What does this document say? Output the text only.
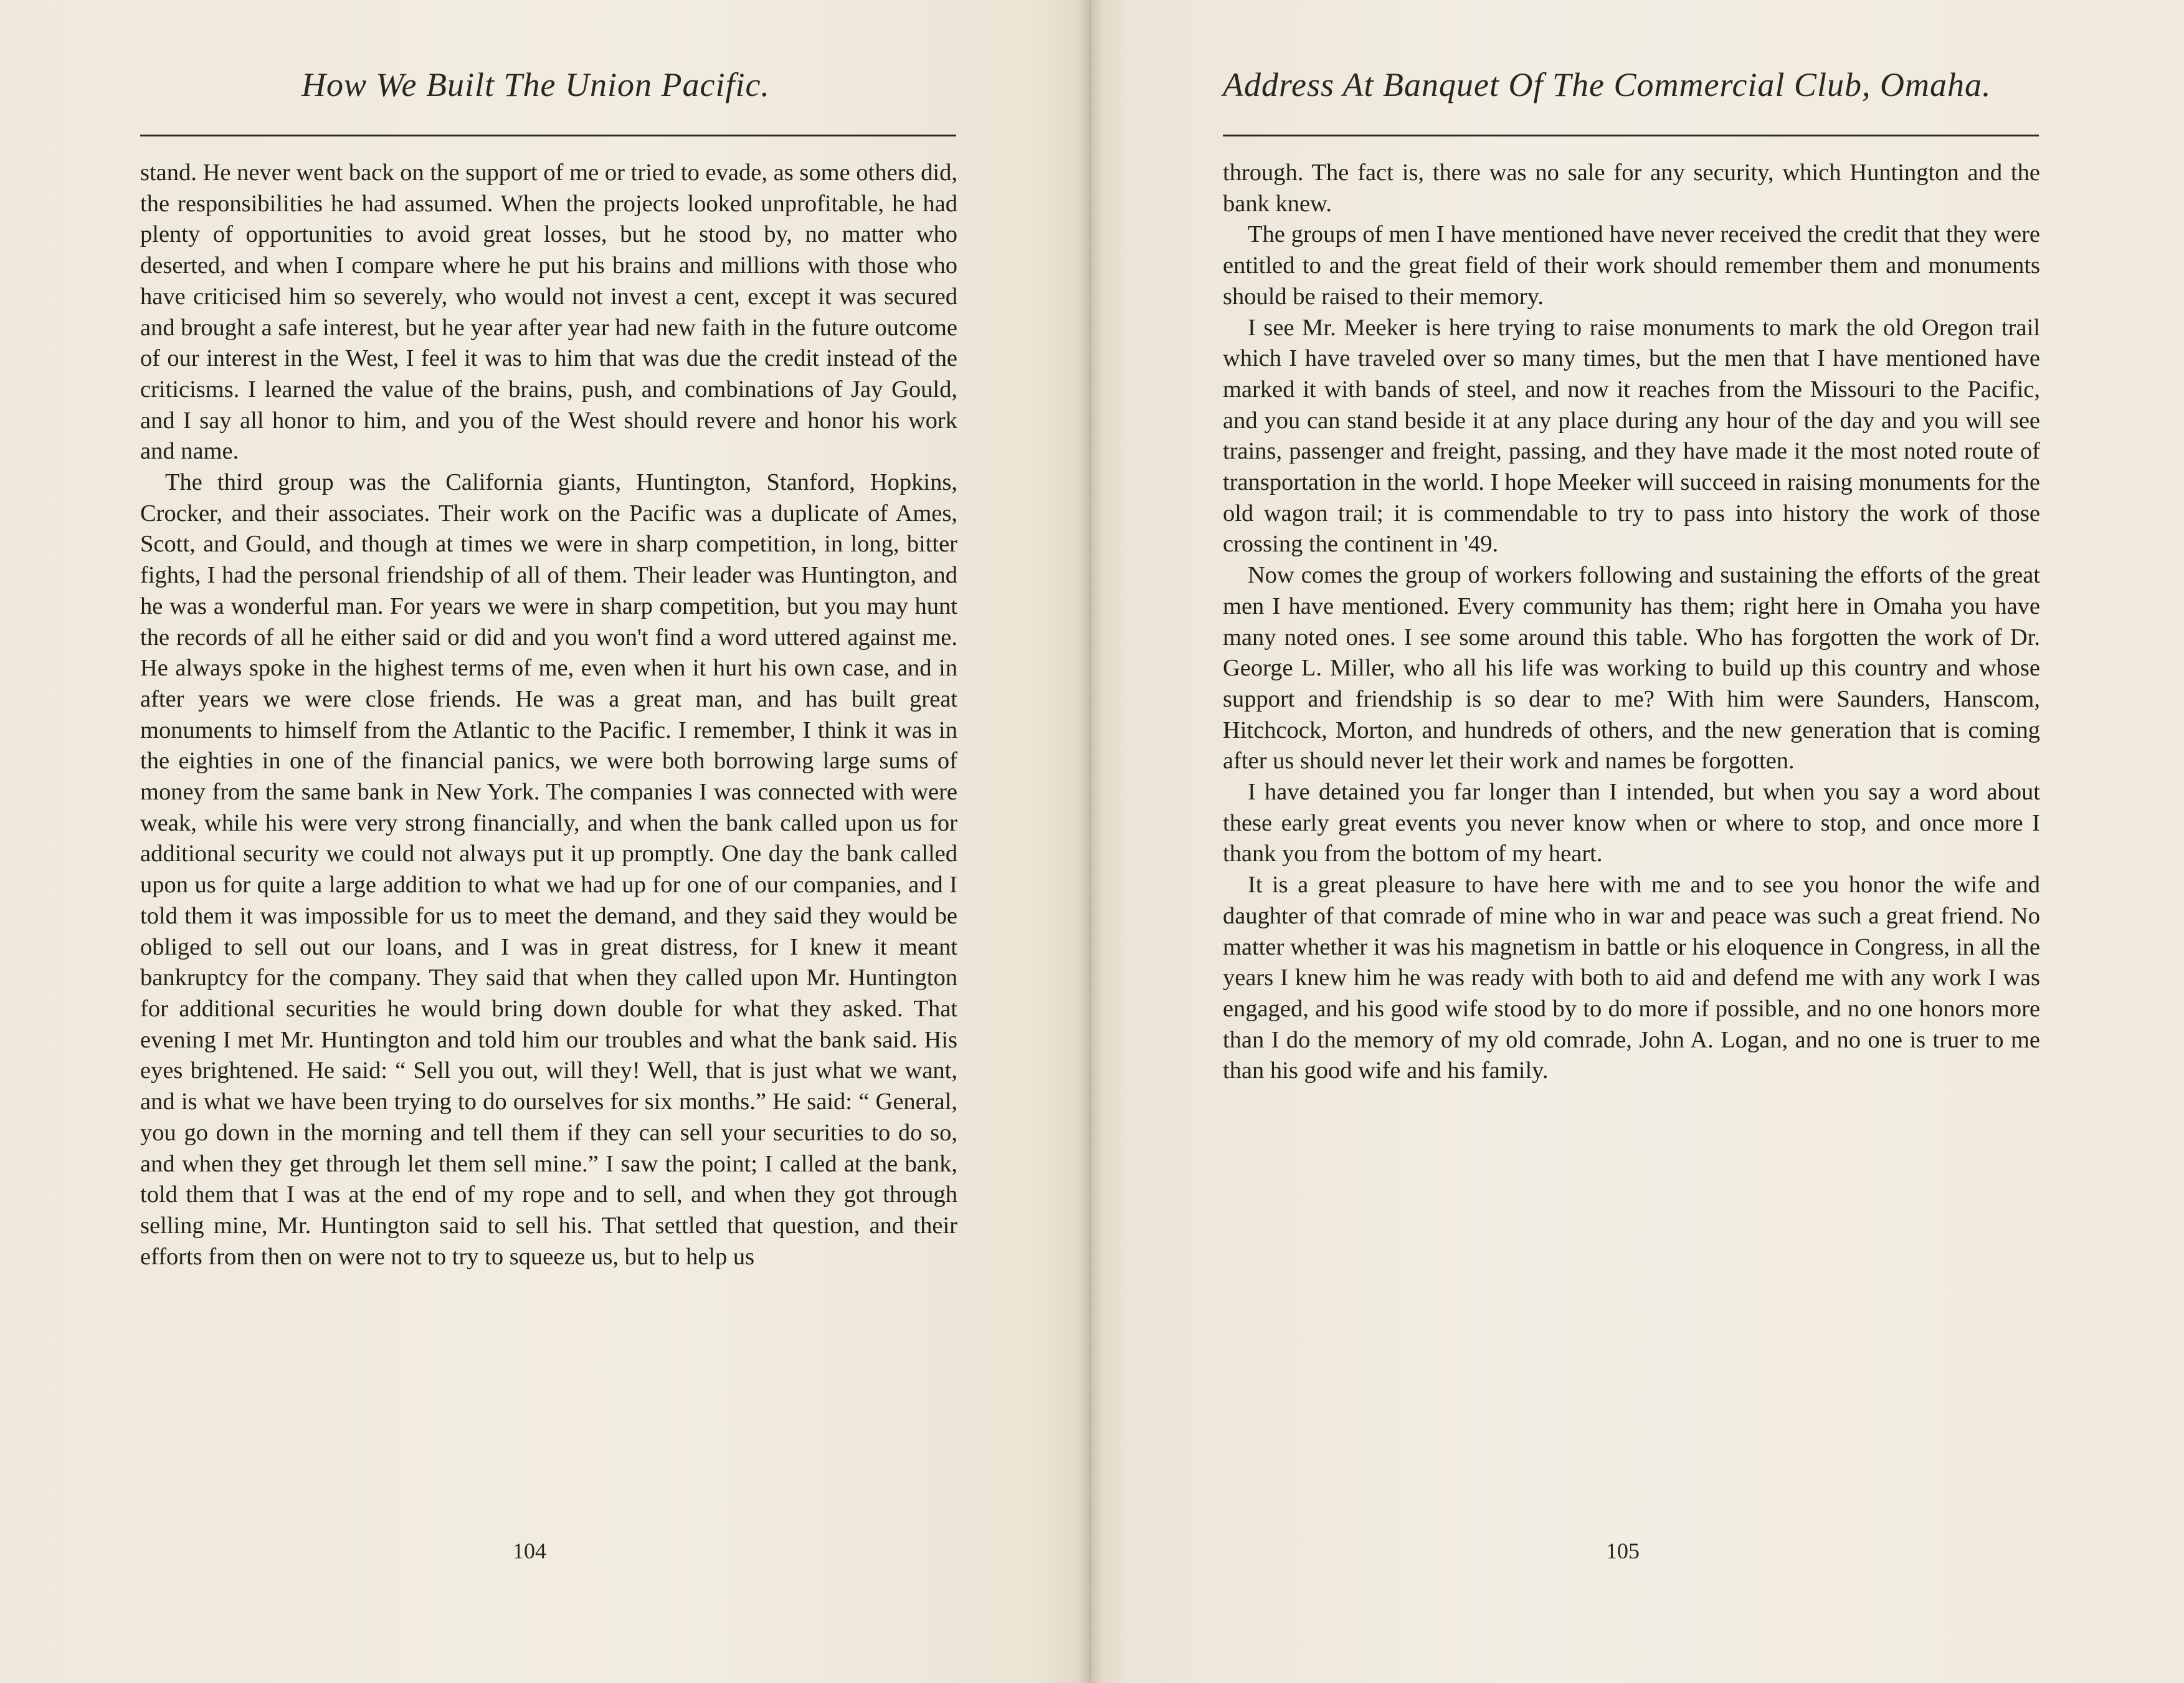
How We Built The Union Pacific.

stand. He never went back on the support of me or tried to evade, as some others did, the responsibilities he had assumed. When the projects looked unprofitable, he had plenty of opportunities to avoid great losses, but he stood by, no matter who deserted, and when I compare where he put his brains and millions with those who have criticised him so severely, who would not invest a cent, except it was secured and brought a safe interest, but he year after year had new faith in the future outcome of our interest in the West, I feel it was to him that was due the credit instead of the criticisms. I learned the value of the brains, push, and combinations of Jay Gould, and I say all honor to him, and you of the West should revere and honor his work and name.

The third group was the California giants, Huntington, Stanford, Hopkins, Crocker, and their associates. Their work on the Pacific was a duplicate of Ames, Scott, and Gould, and though at times we were in sharp competition, in long, bitter fights, I had the personal friendship of all of them. Their leader was Huntington, and he was a wonderful man. For years we were in sharp competition, but you may hunt the records of all he either said or did and you won't find a word uttered against me. He always spoke in the highest terms of me, even when it hurt his own case, and in after years we were close friends. He was a great man, and has built great monuments to himself from the Atlantic to the Pacific. I remember, I think it was in the eighties in one of the financial panics, we were both borrowing large sums of money from the same bank in New York. The companies I was connected with were weak, while his were very strong financially, and when the bank called upon us for additional security we could not always put it up promptly. One day the bank called upon us for quite a large addition to what we had up for one of our companies, and I told them it was impossible for us to meet the demand, and they said they would be obliged to sell out our loans, and I was in great distress, for I knew it meant bankruptcy for the company. They said that when they called upon Mr. Huntington for additional securities he would bring down double for what they asked. That evening I met Mr. Huntington and told him our troubles and what the bank said. His eyes brightened. He said: “ Sell you out, will they! Well, that is just what we want, and is what we have been trying to do ourselves for six months.” He said: “ General, you go down in the morning and tell them if they can sell your securities to do so, and when they get through let them sell mine.” I saw the point; I called at the bank, told them that I was at the end of my rope and to sell, and when they got through selling mine, Mr. Huntington said to sell his. That settled that question, and their efforts from then on were not to try to squeeze us, but to help us

104
Address At Banquet Of The Commercial Club, Omaha.

through. The fact is, there was no sale for any security, which Huntington and the bank knew.

The groups of men I have mentioned have never received the credit that they were entitled to and the great field of their work should remember them and monuments should be raised to their memory.

I see Mr. Meeker is here trying to raise monuments to mark the old Oregon trail which I have traveled over so many times, but the men that I have mentioned have marked it with bands of steel, and now it reaches from the Missouri to the Pacific, and you can stand beside it at any place during any hour of the day and you will see trains, passenger and freight, passing, and they have made it the most noted route of transportation in the world. I hope Meeker will succeed in raising monuments for the old wagon trail; it is commendable to try to pass into history the work of those crossing the continent in '49.

Now comes the group of workers following and sustaining the efforts of the great men I have mentioned. Every community has them; right here in Omaha you have many noted ones. I see some around this table. Who has forgotten the work of Dr. George L. Miller, who all his life was working to build up this country and whose support and friendship is so dear to me? With him were Saunders, Hanscom, Hitchcock, Morton, and hundreds of others, and the new generation that is coming after us should never let their work and names be forgotten.

I have detained you far longer than I intended, but when you say a word about these early great events you never know when or where to stop, and once more I thank you from the bottom of my heart.

It is a great pleasure to have here with me and to see you honor the wife and daughter of that comrade of mine who in war and peace was such a great friend. No matter whether it was his magnetism in battle or his eloquence in Congress, in all the years I knew him he was ready with both to aid and defend me with any work I was engaged, and his good wife stood by to do more if possible, and no one honors more than I do the memory of my old comrade, John A. Logan, and no one is truer to me than his good wife and his family.

105
